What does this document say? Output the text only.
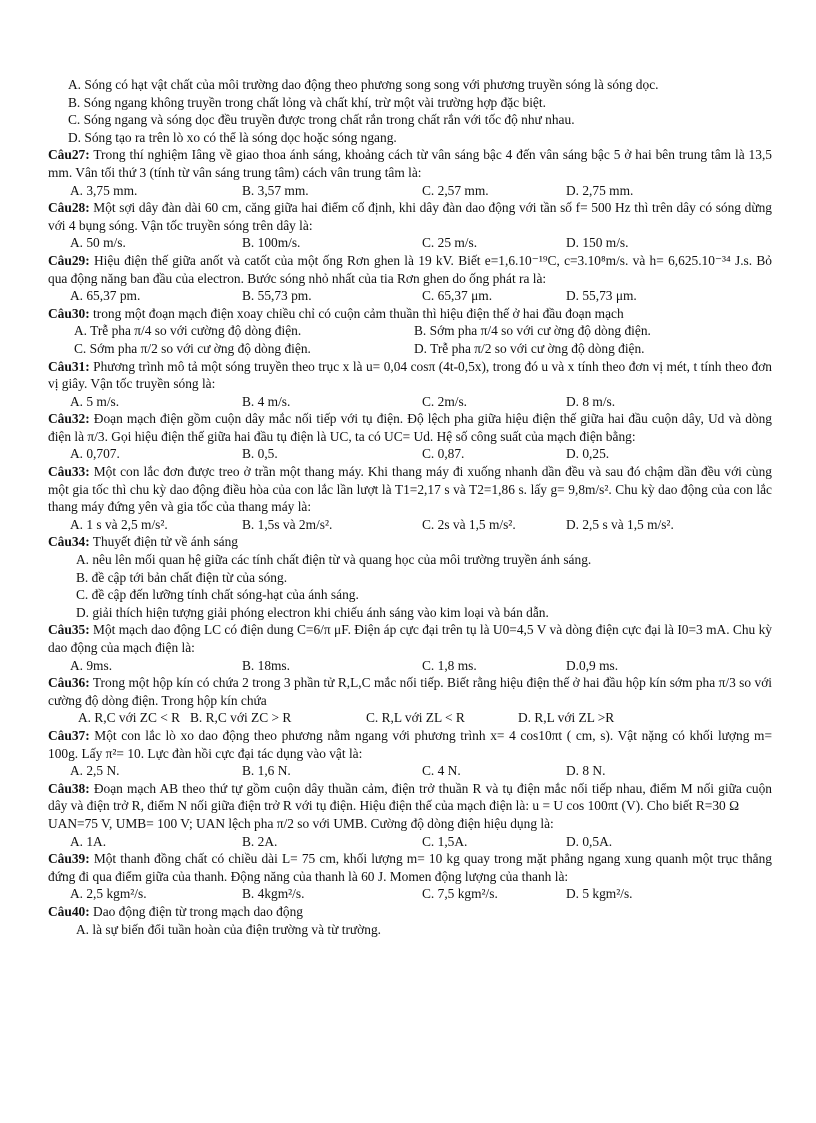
A. Sóng có hạt vật chất của môi trường dao động theo phương song song với phương truyền sóng là sóng dọc.
B. Sóng ngang không truyền trong chất lỏng và chất khí, trừ một vài trường hợp đặc biệt.
C. Sóng ngang và sóng dọc đều truyền được trong chất rắn trong chất rắn với tốc độ như nhau.
D. Sóng tạo ra trên lò xo có thể là sóng dọc hoặc sóng ngang.
Câu27: Trong thí nghiệm Iâng về giao thoa ánh sáng, khoảng cách từ vân sáng bậc 4 đến vân sáng bậc 5 ở hai bên trung tâm là 13,5 mm. Vân tối thứ 3 (tính từ vân sáng trung tâm) cách vân trung tâm là:
A. 3,75 mm.	B. 3,57 mm.	C. 2,57 mm.	D. 2,75 mm.
Câu28: Một sợi dây đàn dài 60 cm, căng giữa hai điểm cố định, khi dây đàn dao động với tần số f= 500 Hz thì trên dây có sóng dừng với 4 bụng sóng. Vận tốc truyền sóng trên dây là:
A. 50 m/s.	B. 100m/s.	C. 25 m/s.	D. 150 m/s.
Câu29: Hiệu điện thế giữa anốt và catốt của một ống Rơn ghen là 19 kV. Biết e=1,6.10⁻¹⁹C, c=3.10⁸m/s. và h= 6,625.10⁻³⁴ J.s. Bỏ qua động năng ban đầu của electron. Bước sóng nhỏ nhất của tia Rơn ghen do ống phát ra là:
A. 65,37 pm.	B. 55,73 pm.	C. 65,37 μm.	D. 55,73 μm.
Câu30: trong một đoạn mạch điện xoay chiều chỉ có cuộn cảm thuần thì hiệu điện thế ở hai đầu đoạn mạch
A. Trễ pha π/4 so với cường độ dòng điện.	B. Sớm pha π/4 so với cư ờng độ dòng điện.
C. Sớm pha π/2 so với cư ờng độ dòng điện.	D. Trễ pha π/2 so với cư ờng độ dòng điện.
Câu31: Phương trình mô tả một sóng truyền theo trục x là u= 0,04 cosπ (4t-0,5x), trong đó u và x tính theo đơn vị mét, t tính theo đơn vị giây. Vận tốc truyền sóng là:
A. 5 m/s.	B. 4 m/s.	C. 2m/s.	D. 8 m/s.
Câu32: Đoạn mạch điện gồm cuộn dây mắc nối tiếp với tụ điện. Độ lệch pha giữa hiệu điện thế giữa hai đầu cuộn dây, Ud và dòng điện là π/3. Gọi hiệu điện thế giữa hai đầu tụ điện là UC, ta có UC= Ud. Hệ số công suất của mạch điện bằng:
A. 0,707.	B. 0,5.	C. 0,87.	D. 0,25.
Câu33: Một con lắc đơn được treo ở trần một thang máy. Khi thang máy đi xuống nhanh dần đều và sau đó chậm dần đều với cùng một gia tốc thì chu kỳ dao động điều hòa của con lắc lần lượt là T1=2,17 s và T2=1,86 s. lấy g= 9,8m/s². Chu kỳ dao động của con lắc thang máy đứng yên và gia tốc của thang máy là:
A. 1 s và 2,5 m/s².	B. 1,5s và 2m/s².	C. 2s và 1,5 m/s².	D. 2,5 s và 1,5 m/s².
Câu34: Thuyết điện tử về ánh sáng
A. nêu lên mối quan hệ giữa các tính chất điện từ và quang học của môi trường truyền ánh sáng.
B. đề cập tới bản chất điện từ của sóng.
C. đề cập đến lưỡng tính chất sóng-hạt của ánh sáng.
D. giải thích hiện tượng giải phóng electron khi chiếu ánh sáng vào kim loại và bán dẫn.
Câu35: Một mạch dao động LC có điện dung C=6/π μF. Điện áp cực đại trên tụ là U0=4,5 V và dòng điện cực đại là I0=3 mA. Chu kỳ dao động của mạch điện là:
A. 9ms.	B. 18ms.	C. 1,8 ms.	D.0,9 ms.
Câu36: Trong một hộp kín có chứa 2 trong 3 phần tử R,L,C mắc nối tiếp. Biết rằng hiệu điện thế ở hai đầu hộp kín sớm pha π/3 so với cường độ dòng điện. Trong hộp kín chứa
A. R,C với ZC < R B. R,C với ZC > R	C. R,L với ZL < R	D. R,L với ZL >R
Câu37: Một con lắc lò xo dao động theo phương nằm ngang với phương trình x= 4 cos10πt ( cm, s). Vật nặng có khối lượng m= 100g. Lấy π²= 10. Lực đàn hồi cực đại tác dụng vào vật là:
A. 2,5 N.	B. 1,6 N.	C. 4 N.	D. 8 N.
Câu38: Đoạn mạch AB theo thứ tự gồm cuộn dây thuần cảm, điện trở thuần R và tụ điện mắc nối tiếp nhau, điểm M nối giữa cuộn dây và điện trở R, điểm N nối giữa điện trở R với tụ điện. Hiệu điện thế của mạch điện là: u = U cos 100πt (V). Cho biết R=30 Ω
UAN=75 V, UMB= 100 V; UAN lệch pha π/2 so với UMB. Cường độ dòng điện hiệu dụng là:
A. 1A.	B. 2A.	C. 1,5A.	D. 0,5A.
Câu39: Một thanh đồng chất có chiều dài L= 75 cm, khối lượng m= 10 kg quay trong mặt phẳng ngang xung quanh một trục thẳng đứng đi qua điểm giữa của thanh. Động năng của thanh là 60 J. Momen động lượng của thanh là:
A. 2,5 kgm²/s.	B. 4kgm²/s.	C. 7,5 kgm²/s.	D. 5 kgm²/s.
Câu40: Dao động điện từ trong mạch dao động
A. là sự biến đổi tuần hoàn của điện trường và từ trường.
